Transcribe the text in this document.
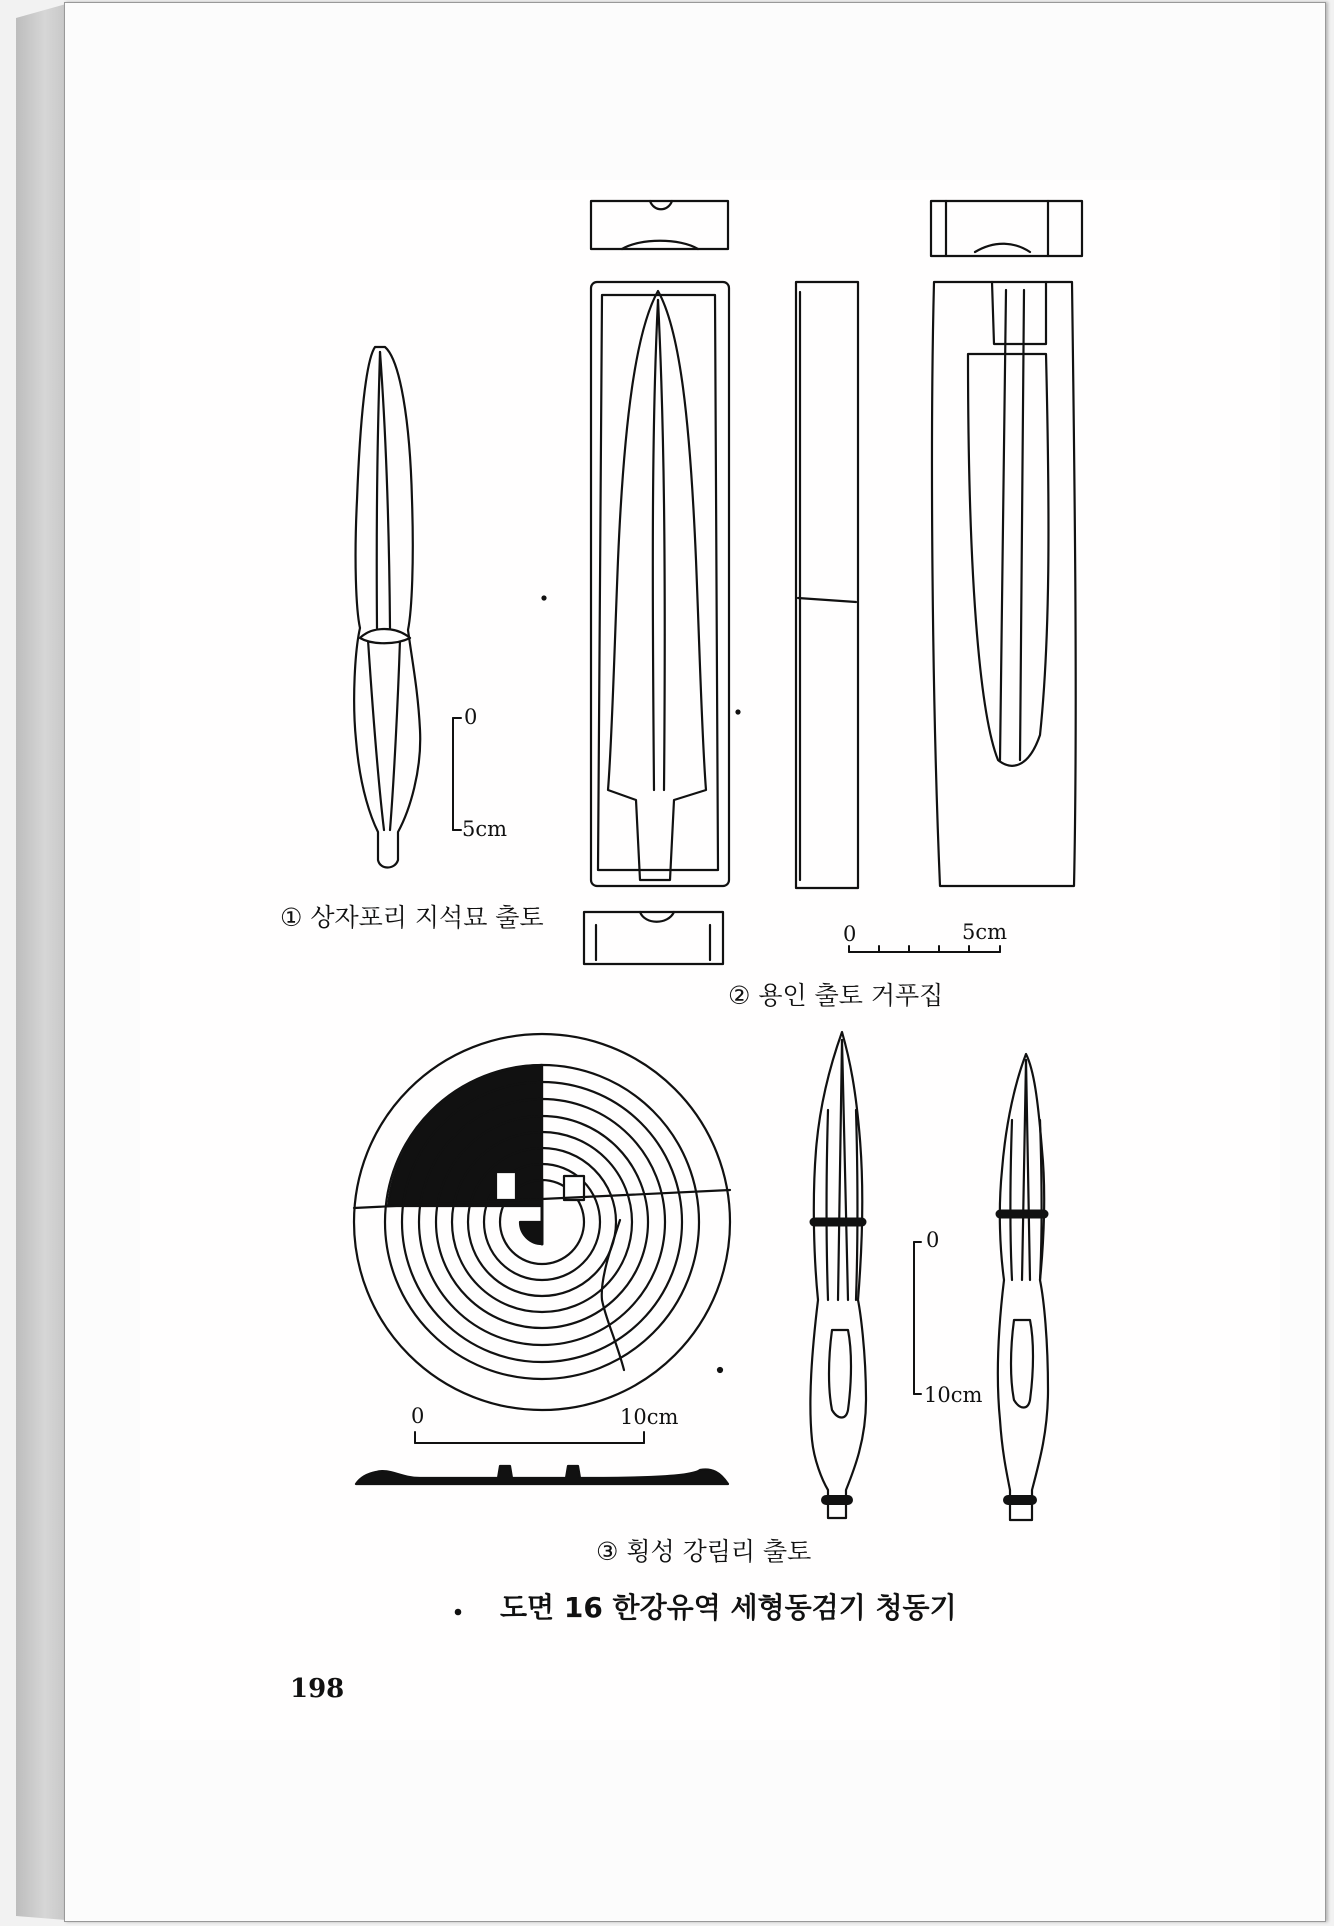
0
5cm
0	5cm
0	10cm
0
10cm
① 상자포리 지석묘 출토
② 용인 출토 거푸집
③ 횡성 강림리 출토
도면 16 한강유역 세형동검기 청동기
198
